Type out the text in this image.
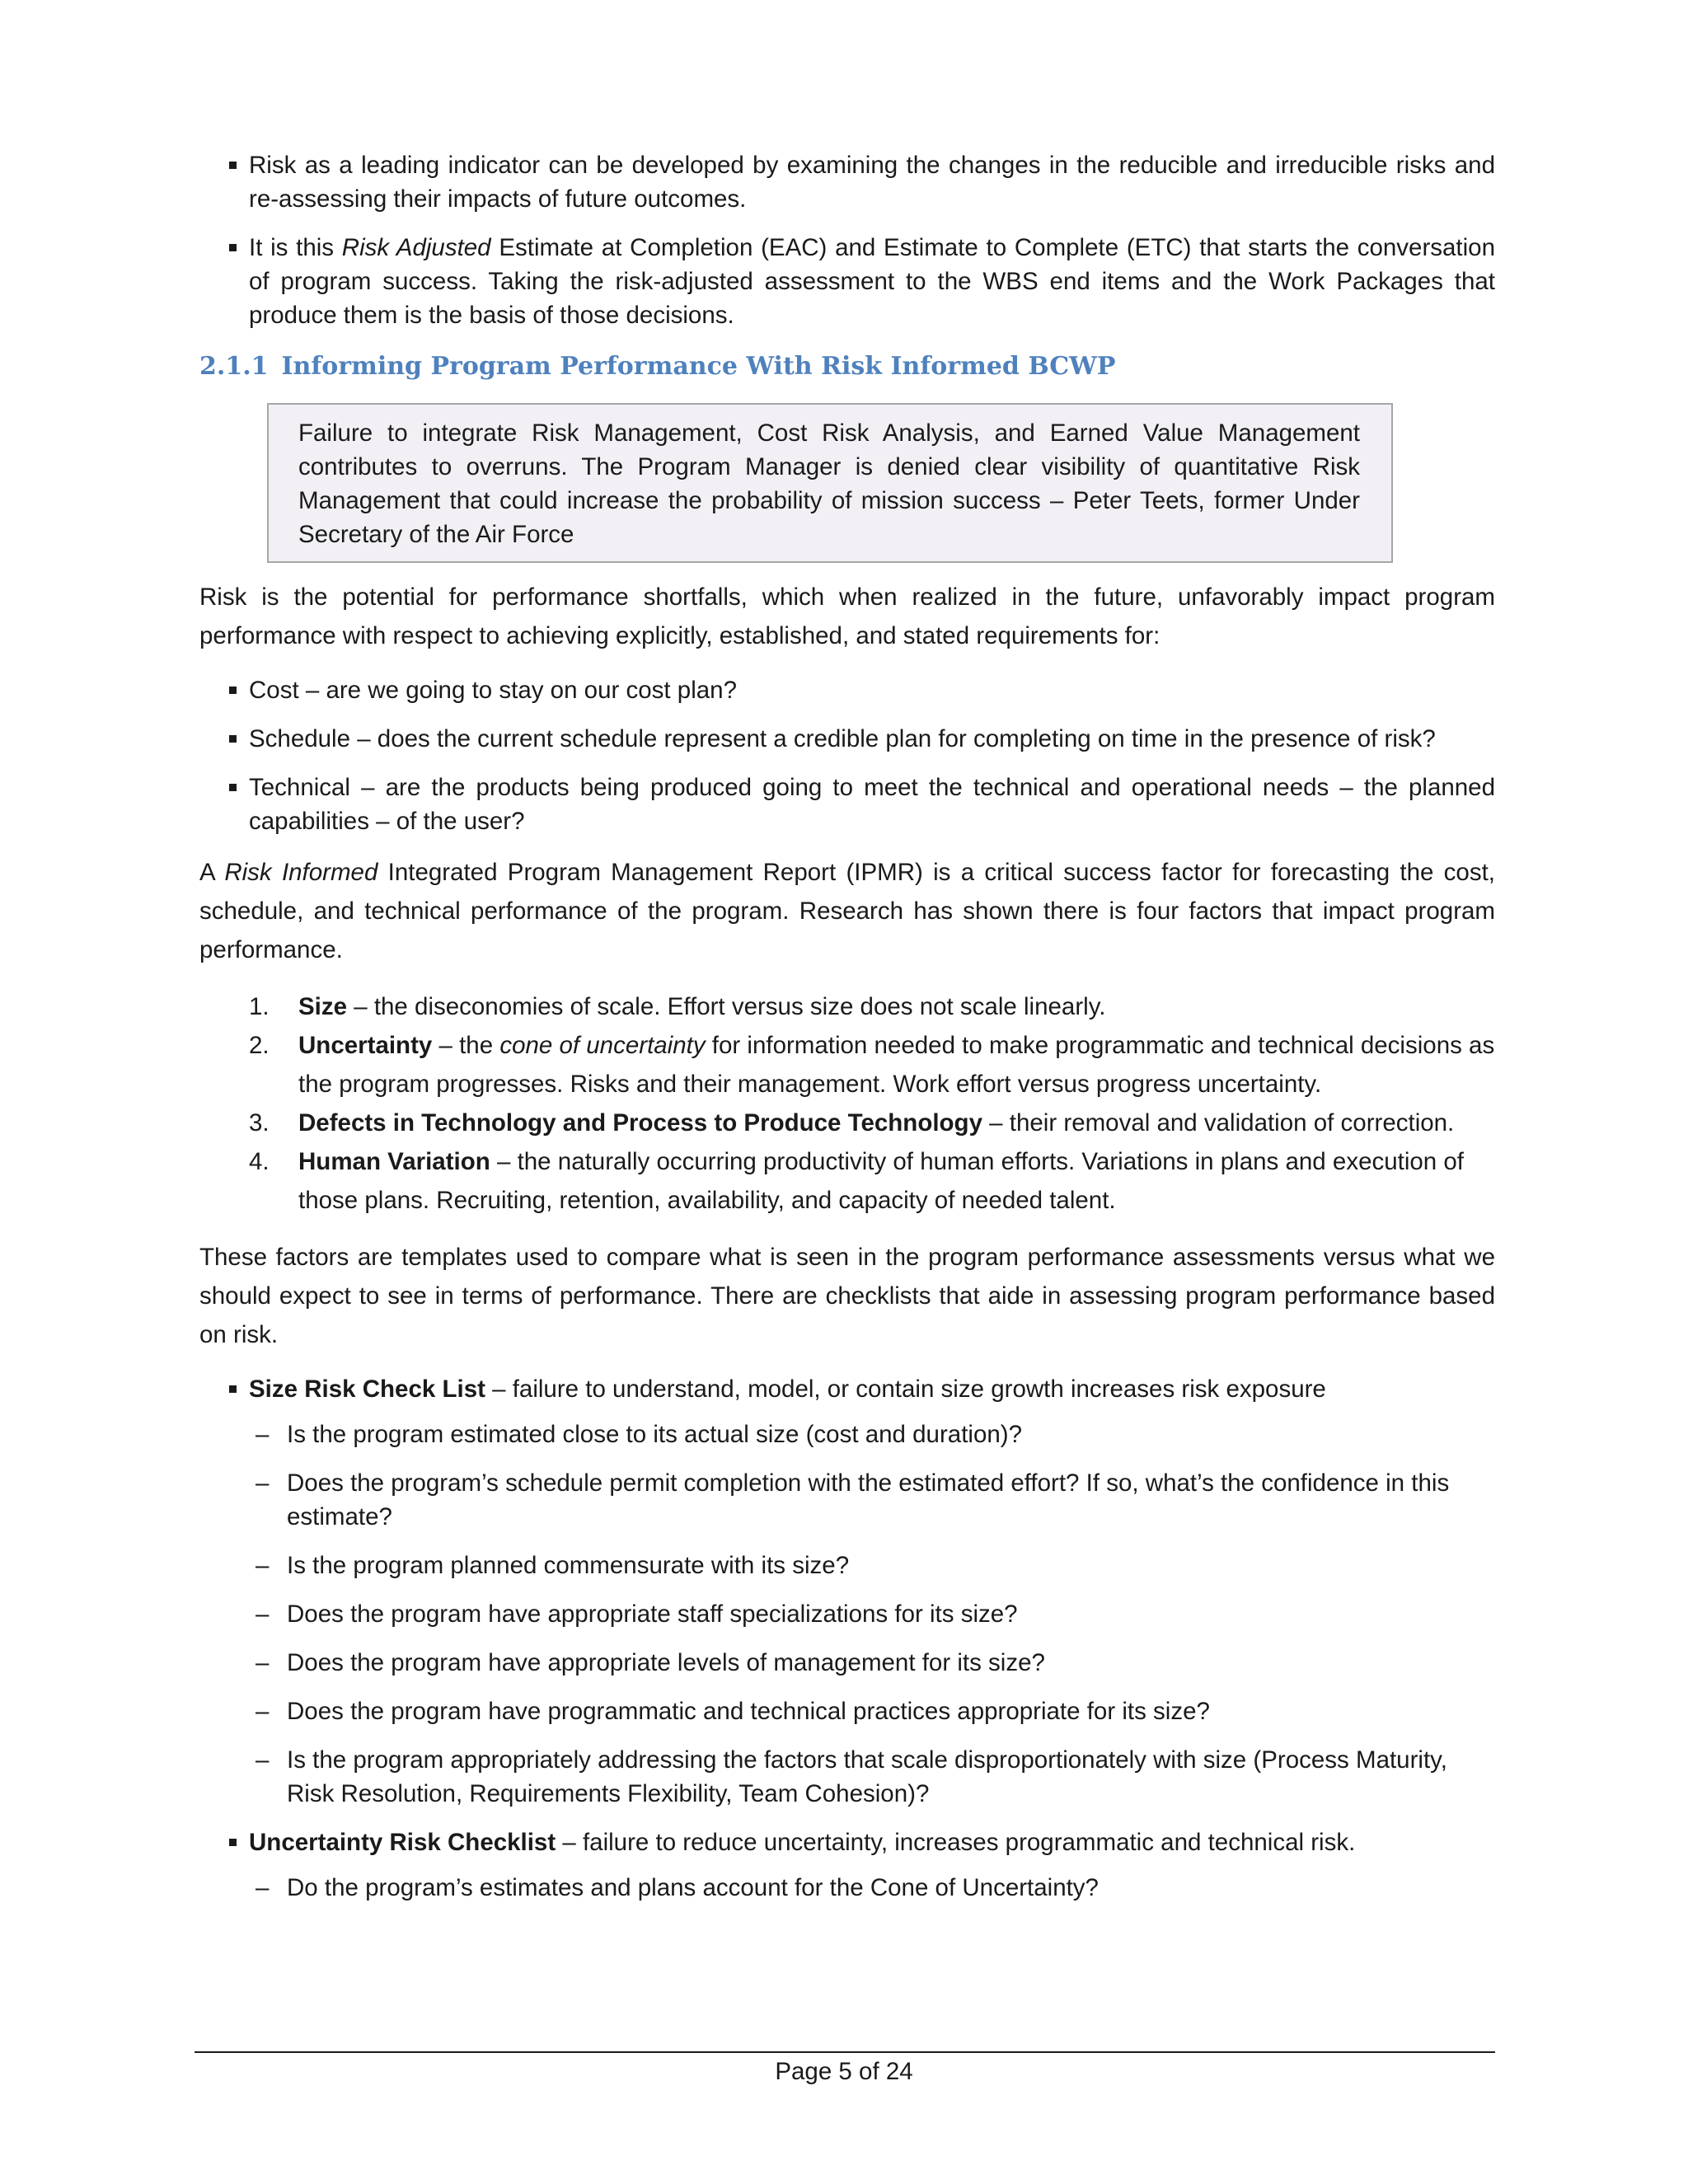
Risk as a leading indicator can be developed by examining the changes in the reducible and irreducible risks and re-assessing their impacts of future outcomes.
It is this Risk Adjusted Estimate at Completion (EAC) and Estimate to Complete (ETC) that starts the conversation of program success. Taking the risk-adjusted assessment to the WBS end items and the Work Packages that produce them is the basis of those decisions.
2.1.1 Informing Program Performance With Risk Informed BCWP
Failure to integrate Risk Management, Cost Risk Analysis, and Earned Value Management contributes to overruns. The Program Manager is denied clear visibility of quantitative Risk Management that could increase the probability of mission success – Peter Teets, former Under Secretary of the Air Force

Risk is the potential for performance shortfalls, which when realized in the future, unfavorably impact program performance with respect to achieving explicitly, established, and stated requirements for:

Cost – are we going to stay on our cost plan?
Schedule – does the current schedule represent a credible plan for completing on time in the presence of risk?
Technical – are the products being produced going to meet the technical and operational needs – the planned capabilities – of the user?

A Risk Informed Integrated Program Management Report (IPMR) is a critical success factor for forecasting the cost, schedule, and technical performance of the program. Research has shown there is four factors that impact program performance.

1. Size – the diseconomies of scale. Effort versus size does not scale linearly.
2. Uncertainty – the cone of uncertainty for information needed to make programmatic and technical decisions as the program progresses. Risks and their management. Work effort versus progress uncertainty.
3. Defects in Technology and Process to Produce Technology – their removal and validation of correction.
4. Human Variation – the naturally occurring productivity of human efforts. Variations in plans and execution of those plans. Recruiting, retention, availability, and capacity of needed talent.

These factors are templates used to compare what is seen in the program performance assessments versus what we should expect to see in terms of performance. There are checklists that aide in assessing program performance based on risk.

Size Risk Check List – failure to understand, model, or contain size growth increases risk exposure
– Is the program estimated close to its actual size (cost and duration)?
– Does the program’s schedule permit completion with the estimated effort? If so, what’s the confidence in this estimate?
– Is the program planned commensurate with its size?
– Does the program have appropriate staff specializations for its size?
– Does the program have appropriate levels of management for its size?
– Does the program have programmatic and technical practices appropriate for its size?
– Is the program appropriately addressing the factors that scale disproportionately with size (Process Maturity, Risk Resolution, Requirements Flexibility, Team Cohesion)?
Uncertainty Risk Checklist – failure to reduce uncertainty, increases programmatic and technical risk.
– Do the program’s estimates and plans account for the Cone of Uncertainty?
Page 5 of 24
